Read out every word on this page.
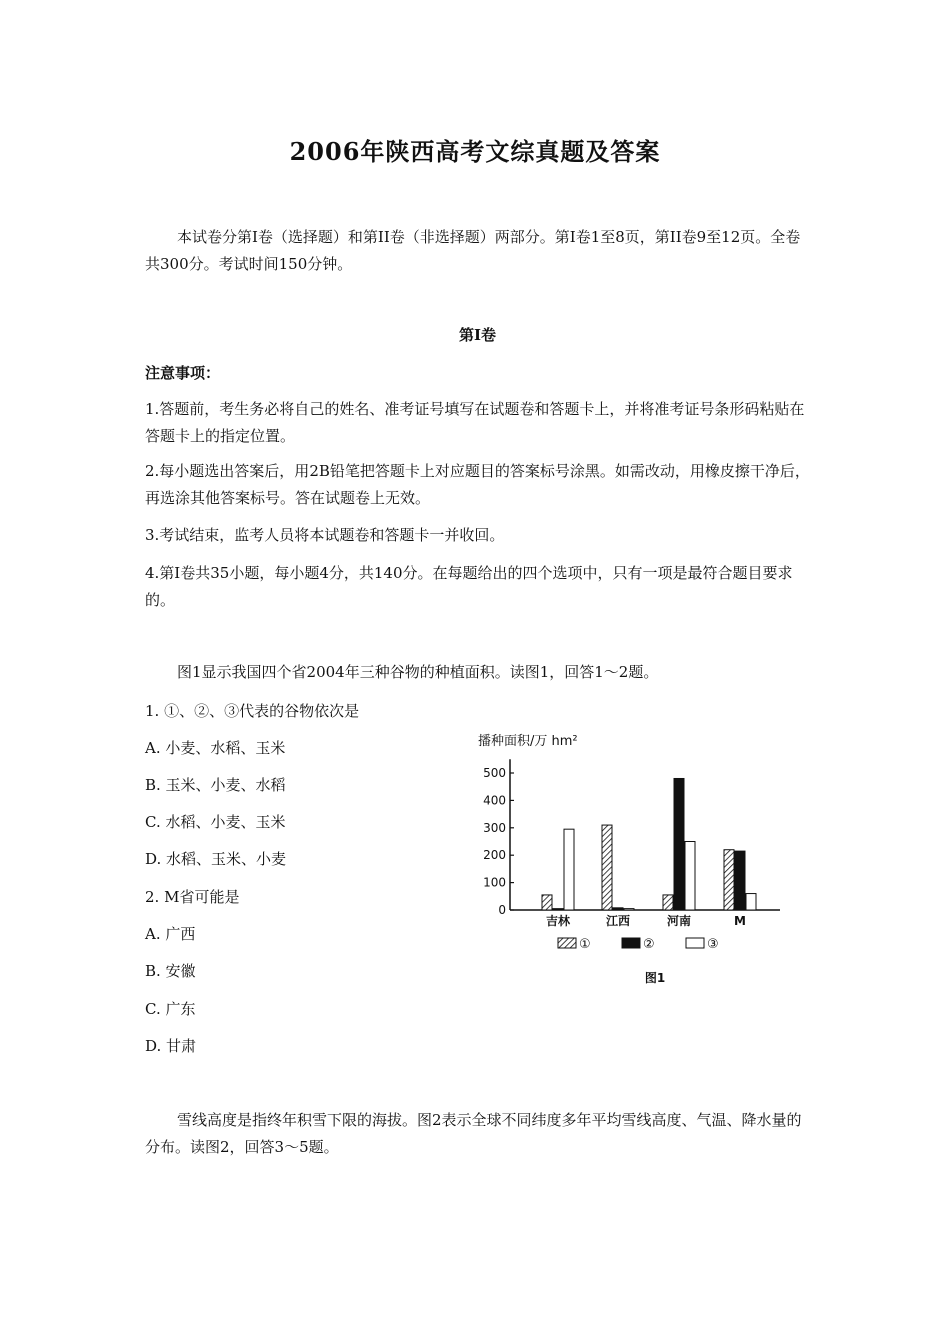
2006年陕西高考文综真题及答案

本试卷分第I卷（选择题）和第II卷（非选择题）两部分。第I卷1至8页，第II卷9至12页。全卷共300分。考试时间150分钟。

第I卷

注意事项：

1.答题前，考生务必将自己的姓名、准考证号填写在试题卷和答题卡上，并将准考证号条形码粘贴在答题卡上的指定位置。

2.每小题选出答案后，用2B铅笔把答题卡上对应题目的答案标号涂黑。如需改动，用橡皮擦干净后，再选涂其他答案标号。答在试题卷上无效。

3.考试结束，监考人员将本试题卷和答题卡一并收回。

4.第I卷共35小题，每小题4分，共140分。在每题给出的四个选项中，只有一项是最符合题目要求的。

图1显示我国四个省2004年三种谷物的种植面积。读图1，回答1～2题。

1. ①、②、③代表的谷物依次是
A. 小麦、水稻、玉米
B. 玉米、小麦、水稻
C. 水稻、小麦、玉米
D. 水稻、玉米、小麦
2. M省可能是
A. 广西
B. 安徽
C. 广东
D. 甘肃
播种面积/万 hm²
0
100
200
300
400
500
吉林	江西	河南	M
①	②	③
图1

雪线高度是指终年积雪下限的海拔。图2表示全球不同纬度多年平均雪线高度、气温、降水量的分布。读图2，回答3～5题。
